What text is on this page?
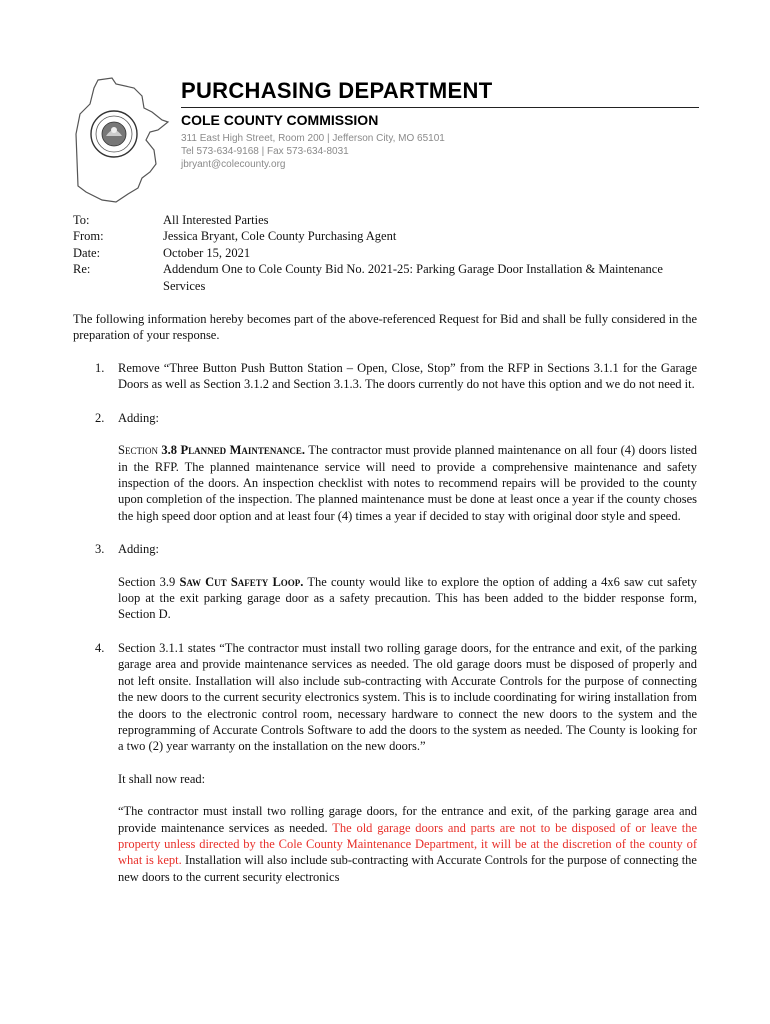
PURCHASING DEPARTMENT
COLE COUNTY COMMISSION
311 East High Street, Room 200 | Jefferson City, MO 65101
Tel 573-634-9168 | Fax 573-634-8031
jbryant@colecounty.org
To:	All Interested Parties
From:	Jessica Bryant, Cole County Purchasing Agent
Date:	October 15, 2021
Re:	Addendum One to Cole County Bid No. 2021-25: Parking Garage Door Installation & Maintenance Services

The following information hereby becomes part of the above-referenced Request for Bid and shall be fully considered in the preparation of your response.

1. Remove “Three Button Push Button Station – Open, Close, Stop” from the RFP in Sections 3.1.1 for the Garage Doors as well as Section 3.1.2 and Section 3.1.3. The doors currently do not have this option and we do not need it.

2. Adding:

Section 3.8 Planned Maintenance. The contractor must provide planned maintenance on all four (4) doors listed in the RFP. The planned maintenance service will need to provide a comprehensive maintenance and safety inspection of the doors. An inspection checklist with notes to recommend repairs will be provided to the county upon completion of the inspection. The planned maintenance must be done at least once a year if the county choses the high speed door option and at least four (4) times a year if decided to stay with original door style and speed.

3. Adding:

Section 3.9 Saw Cut Safety Loop. The county would like to explore the option of adding a 4x6 saw cut safety loop at the exit parking garage door as a safety precaution. This has been added to the bidder response form, Section D.

4. Section 3.1.1 states “The contractor must install two rolling garage doors, for the entrance and exit, of the parking garage area and provide maintenance services as needed. The old garage doors must be disposed of properly and not left onsite. Installation will also include sub-contracting with Accurate Controls for the purpose of connecting the new doors to the current security electronics system. This is to include coordinating for wiring installation from the doors to the electronic control room, necessary hardware to connect the new doors to the system and the reprogramming of Accurate Controls Software to add the doors to the system as needed. The County is looking for a two (2) year warranty on the installation on the new doors.”

It shall now read:

“The contractor must install two rolling garage doors, for the entrance and exit, of the parking garage area and provide maintenance services as needed. The old garage doors and parts are not to be disposed of or leave the property unless directed by the Cole County Maintenance Department, it will be at the discretion of the county of what is kept. Installation will also include sub-contracting with Accurate Controls for the purpose of connecting the new doors to the current security electronics
